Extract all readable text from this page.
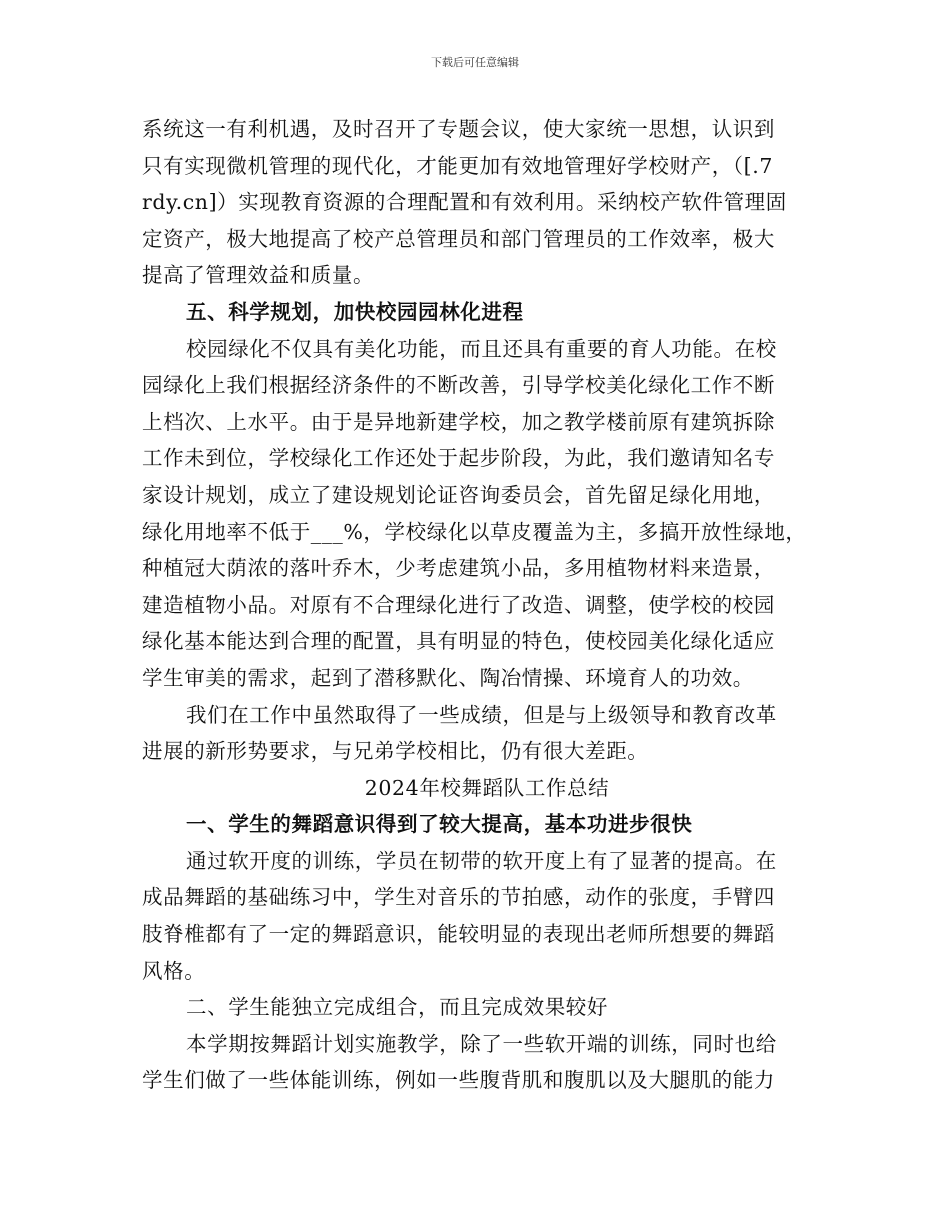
下载后可任意编辑
系统这一有利机遇，及时召开了专题会议，使大家统一思想，认识到
只有实现微机管理的现代化，才能更加有效地管理好学校财产，（[.7
rdy.cn]）实现教育资源的合理配置和有效利用。采纳校产软件管理固
定资产，极大地提高了校产总管理员和部门管理员的工作效率，极大
提高了管理效益和质量。
五、科学规划，加快校园园林化进程
校园绿化不仅具有美化功能，而且还具有重要的育人功能。在校
园绿化上我们根据经济条件的不断改善，引导学校美化绿化工作不断
上档次、上水平。由于是异地新建学校，加之教学楼前原有建筑拆除
工作未到位，学校绿化工作还处于起步阶段，为此，我们邀请知名专
家设计规划，成立了建设规划论证咨询委员会，首先留足绿化用地，
绿化用地率不低于___%，学校绿化以草皮覆盖为主，多搞开放性绿地，
种植冠大荫浓的落叶乔木，少考虑建筑小品，多用植物材料来造景，
建造植物小品。对原有不合理绿化进行了改造、调整，使学校的校园
绿化基本能达到合理的配置，具有明显的特色，使校园美化绿化适应
学生审美的需求，起到了潜移默化、陶冶情操、环境育人的功效。
我们在工作中虽然取得了一些成绩，但是与上级领导和教育改革
进展的新形势要求，与兄弟学校相比，仍有很大差距。
2024年校舞蹈队工作总结
一、学生的舞蹈意识得到了较大提高，基本功进步很快
通过软开度的训练，学员在韧带的软开度上有了显著的提高。在
成品舞蹈的基础练习中，学生对音乐的节拍感，动作的张度，手臂四
肢脊椎都有了一定的舞蹈意识，能较明显的表现出老师所想要的舞蹈
风格。
二、学生能独立完成组合，而且完成效果较好
本学期按舞蹈计划实施教学，除了一些软开端的训练，同时也给
学生们做了一些体能训练，例如一些腹背肌和腹肌以及大腿肌的能力
